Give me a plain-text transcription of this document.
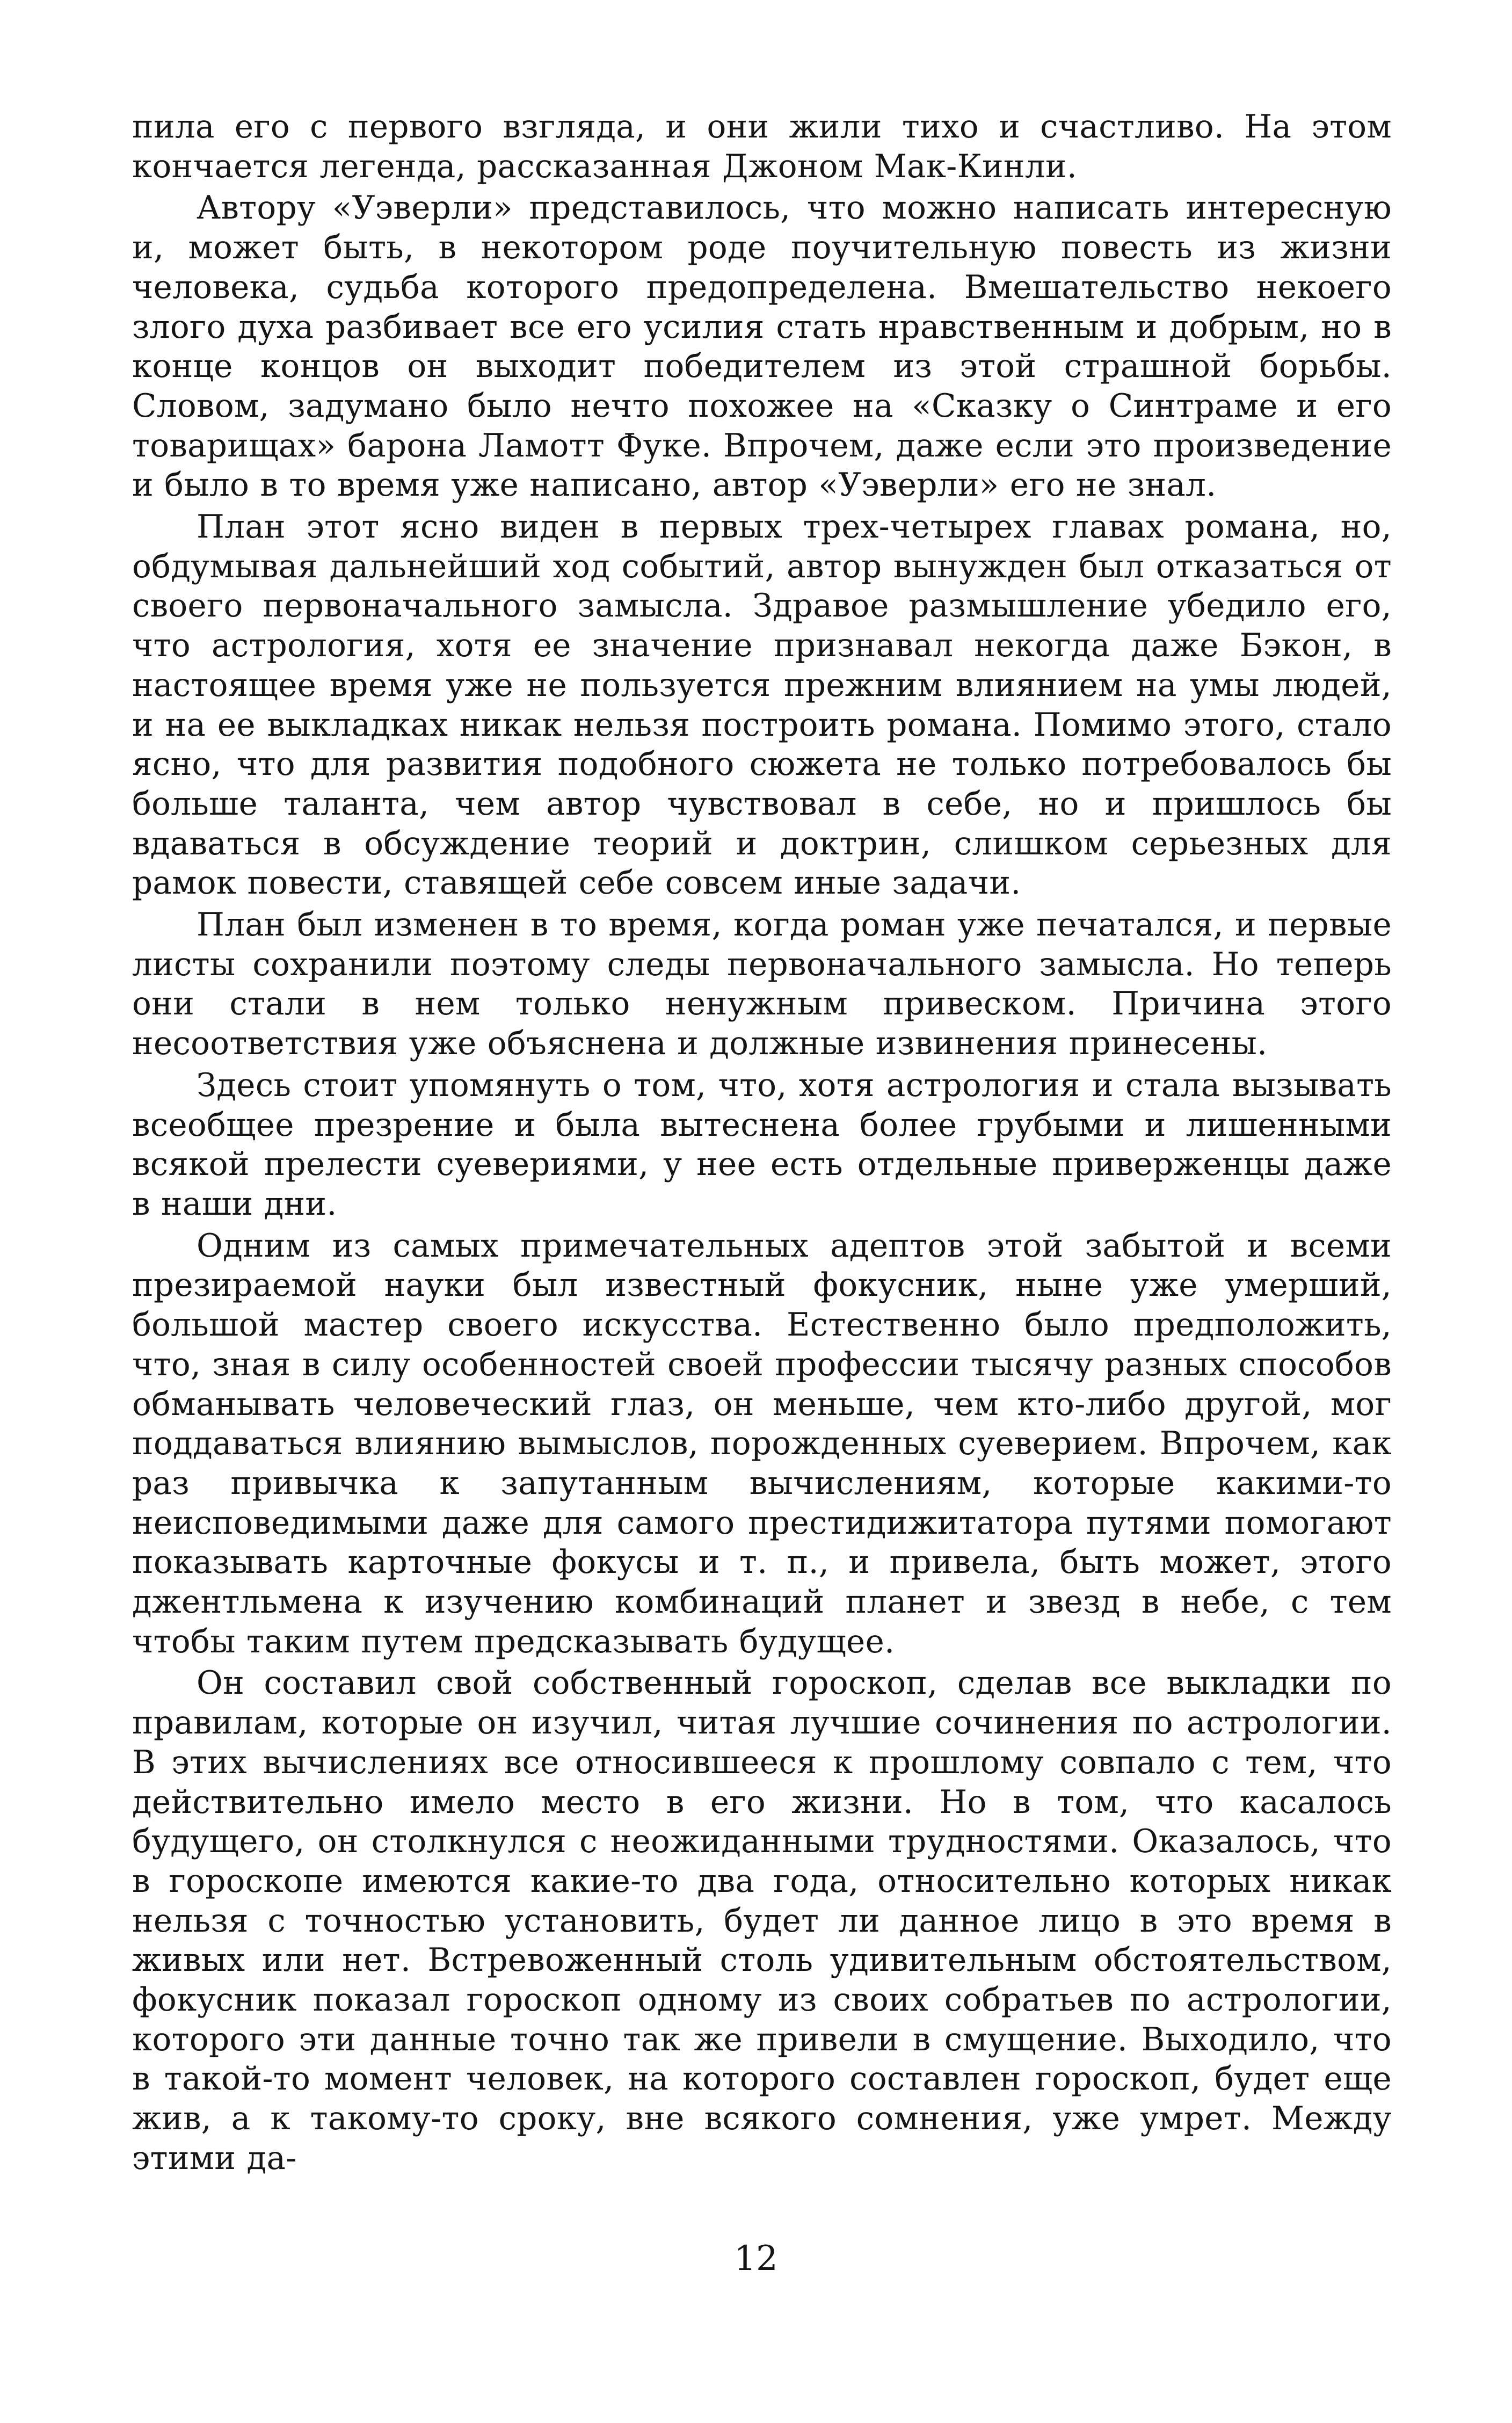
пила его с первого взгляда, и они жили тихо и счастливо. На этом кончается легенда, рассказанная Джоном Мак-Кинли.

Автору «Уэверли» представилось, что можно написать интересную и, может быть, в некотором роде поучительную повесть из жизни человека, судьба которого предопределена. Вмешательство некоего злого духа разбивает все его усилия стать нравственным и добрым, но в конце концов он выходит победителем из этой страшной борьбы. Словом, задумано было нечто похожее на «Сказку о Синтраме и его товарищах» барона Ламотт Фуке. Впрочем, даже если это произведение и было в то время уже написано, автор «Уэверли» его не знал.

План этот ясно виден в первых трех-четырех главах романа, но, обдумывая дальнейший ход событий, автор вынужден был отказаться от своего первоначального замысла. Здравое размышление убедило его, что астрология, хотя ее значение признавал некогда даже Бэкон, в настоящее время уже не пользуется прежним влиянием на умы людей, и на ее выкладках никак нельзя построить романа. Помимо этого, стало ясно, что для развития подобного сюжета не только потребовалось бы больше таланта, чем автор чувствовал в себе, но и пришлось бы вдаваться в обсуждение теорий и доктрин, слишком серьезных для рамок повести, ставящей себе совсем иные задачи.

План был изменен в то время, когда роман уже печатался, и первые листы сохранили поэтому следы первоначального замысла. Но теперь они стали в нем только ненужным привеском. Причина этого несоответствия уже объяснена и должные извинения принесены.

Здесь стоит упомянуть о том, что, хотя астрология и стала вызывать всеобщее презрение и была вытеснена более грубыми и лишенными всякой прелести суевериями, у нее есть отдельные приверженцы даже в наши дни.

Одним из самых примечательных адептов этой забытой и всеми презираемой науки был известный фокусник, ныне уже умерший, большой мастер своего искусства. Естественно было предположить, что, зная в силу особенностей своей профессии тысячу разных способов обманывать человеческий глаз, он меньше, чем кто-либо другой, мог поддаваться влиянию вымыслов, порожденных суеверием. Впрочем, как раз привычка к запутанным вычислениям, которые какими-то неисповедимыми даже для самого престидижитатора путями помогают показывать карточные фокусы и т. п., и привела, быть может, этого джентльмена к изучению комбинаций планет и звезд в небе, с тем чтобы таким путем предсказывать будущее.

Он составил свой собственный гороскоп, сделав все выкладки по правилам, которые он изучил, читая лучшие сочинения по астрологии. В этих вычислениях все относившееся к прошлому совпало с тем, что действительно имело место в его жизни. Но в том, что касалось будущего, он столкнулся с неожиданными трудностями. Оказалось, что в гороскопе имеются какие-то два года, относительно которых никак нельзя с точностью установить, будет ли данное лицо в это время в живых или нет. Встревоженный столь удивительным обстоятельством, фокусник показал гороскоп одному из своих собратьев по астрологии, которого эти данные точно так же привели в смущение. Выходило, что в такой-то момент человек, на которого составлен гороскоп, будет еще жив, а к такому-то сроку, вне всякого сомнения, уже умрет. Между этими да-

12
